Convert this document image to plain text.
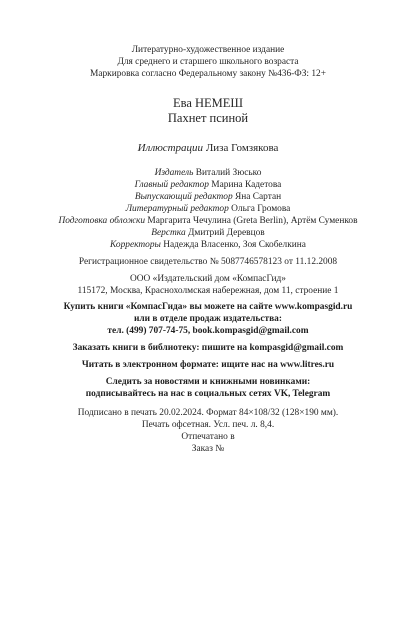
Литературно-художественное издание
Для среднего и старшего школьного возраста
Маркировка согласно Федеральному закону №436-ФЗ: 12+
Ева НЕМЕШ
Пахнет псиной
Иллюстрации Лиза Гомзякова
Издатель Виталий Зюсько
Главный редактор Марина Кадетова
Выпускающий редактор Яна Сартан
Литературный редактор Ольга Громова
Подготовка обложки Маргарита Чечулина (Greta Berlin), Артём Суменков
Верстка Дмитрий Деревцов
Корректоры Надежда Власенко, Зоя Скобелкина
Регистрационное свидетельство № 5087746578123 от 11.12.2008
ООО «Издательский дом «КомпасГид»
115172, Москва, Краснохолмская набережная, дом 11, строение 1
Купить книги «КомпасГида» вы можете на сайте www.kompasgid.ru
или в отделе продаж издательства:
тел. (499) 707-74-75, book.kompasgid@gmail.com
Заказать книги в библиотеку: пишите на kompasgid@gmail.com
Читать в электронном формате: ищите нас на www.litres.ru
Следить за новостями и книжными новинками:
подписывайтесь на нас в социальных сетях VK, Telegram
Подписано в печать 20.02.2024. Формат 84×108/32 (128×190 мм).
Печать офсетная. Усл. печ. л. 8,4.
Отпечатано в
Заказ №
